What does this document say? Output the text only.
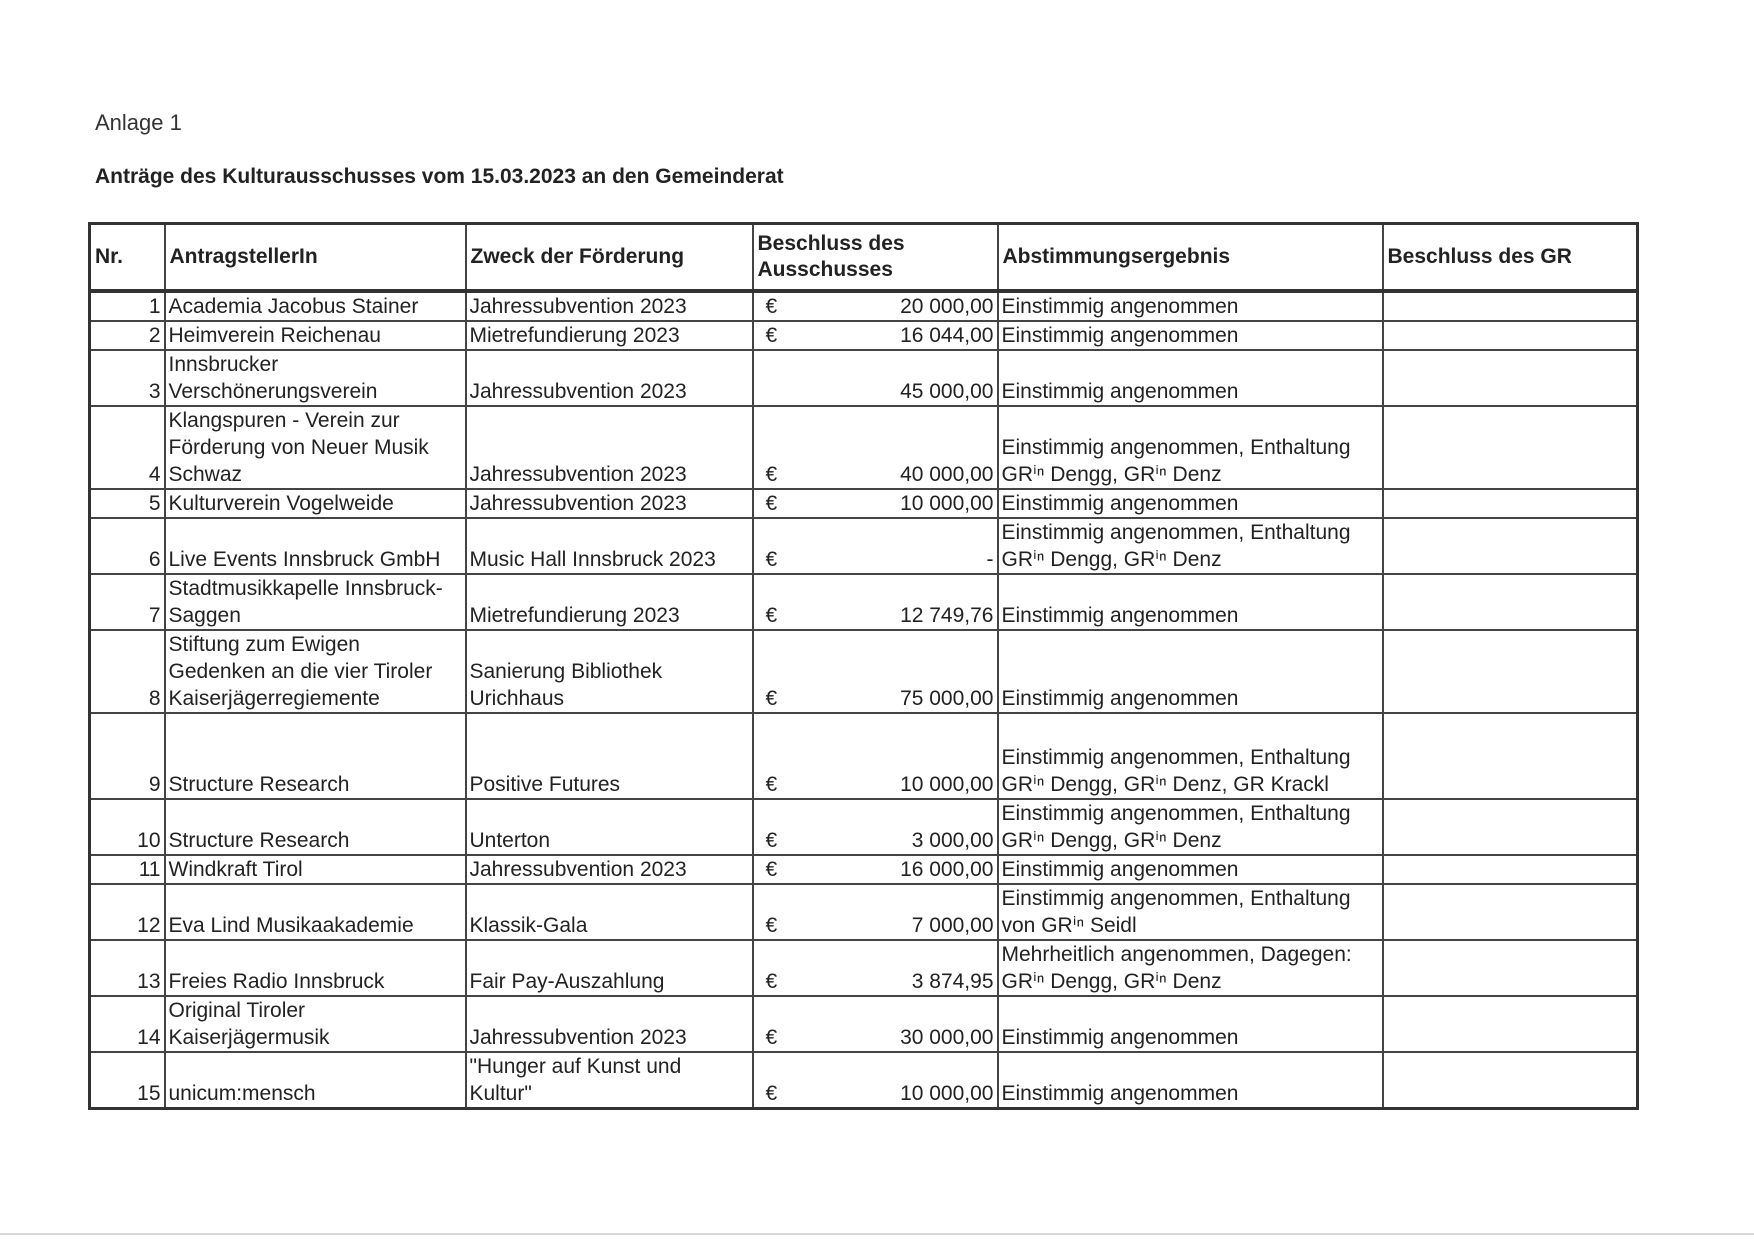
Anlage 1
Anträge des Kulturausschusses vom 15.03.2023 an den Gemeinderat
Nr.	AntragstellerIn	Zweck der Förderung	Beschluss des
Ausschusses	Abstimmungsergebnis	Beschluss des GR
1	Academia Jacobus Stainer	Jahressubvention 2023	€ 20 000,00	Einstimmig angenommen	
2	Heimverein Reichenau	Mietrefundierung 2023	€ 16 044,00	Einstimmig angenommen	
3	Innsbrucker
Verschönerungsverein	Jahressubvention 2023	45 000,00	Einstimmig angenommen	
4	Klangspuren - Verein zur
Förderung von Neuer Musik
Schwaz	Jahressubvention 2023	€ 40 000,00	Einstimmig angenommen, Enthaltung
GRⁱⁿ Dengg, GRⁱⁿ Denz	
5	Kulturverein Vogelweide	Jahressubvention 2023	€ 10 000,00	Einstimmig angenommen	
6	Live Events Innsbruck GmbH	Music Hall Innsbruck 2023	€ -	Einstimmig angenommen, Enthaltung
GRⁱⁿ Dengg, GRⁱⁿ Denz	
7	Stadtmusikkapelle Innsbruck-
Saggen	Mietrefundierung 2023	€ 12 749,76	Einstimmig angenommen	
8	Stiftung zum Ewigen
Gedenken an die vier Tiroler
Kaiserjägerregiemente	Sanierung Bibliothek
Urichhaus	€ 75 000,00	Einstimmig angenommen	
9	Structure Research	Positive Futures	€ 10 000,00	Einstimmig angenommen, Enthaltung
GRⁱⁿ Dengg, GRⁱⁿ Denz, GR Krackl	
10	Structure Research	Unterton	€ 3 000,00	Einstimmig angenommen, Enthaltung
GRⁱⁿ Dengg, GRⁱⁿ Denz	
11	Windkraft Tirol	Jahressubvention 2023	€ 16 000,00	Einstimmig angenommen	
12	Eva Lind Musikaakademie	Klassik-Gala	€ 7 000,00	Einstimmig angenommen, Enthaltung
von GRⁱⁿ Seidl	
13	Freies Radio Innsbruck	Fair Pay-Auszahlung	€ 3 874,95	Mehrheitlich angenommen, Dagegen:
GRⁱⁿ Dengg, GRⁱⁿ Denz	
14	Original Tiroler
Kaiserjägermusik	Jahressubvention 2023	€ 30 000,00	Einstimmig angenommen	
15	unicum:mensch	"Hunger auf Kunst und
Kultur"	€ 10 000,00	Einstimmig angenommen	
